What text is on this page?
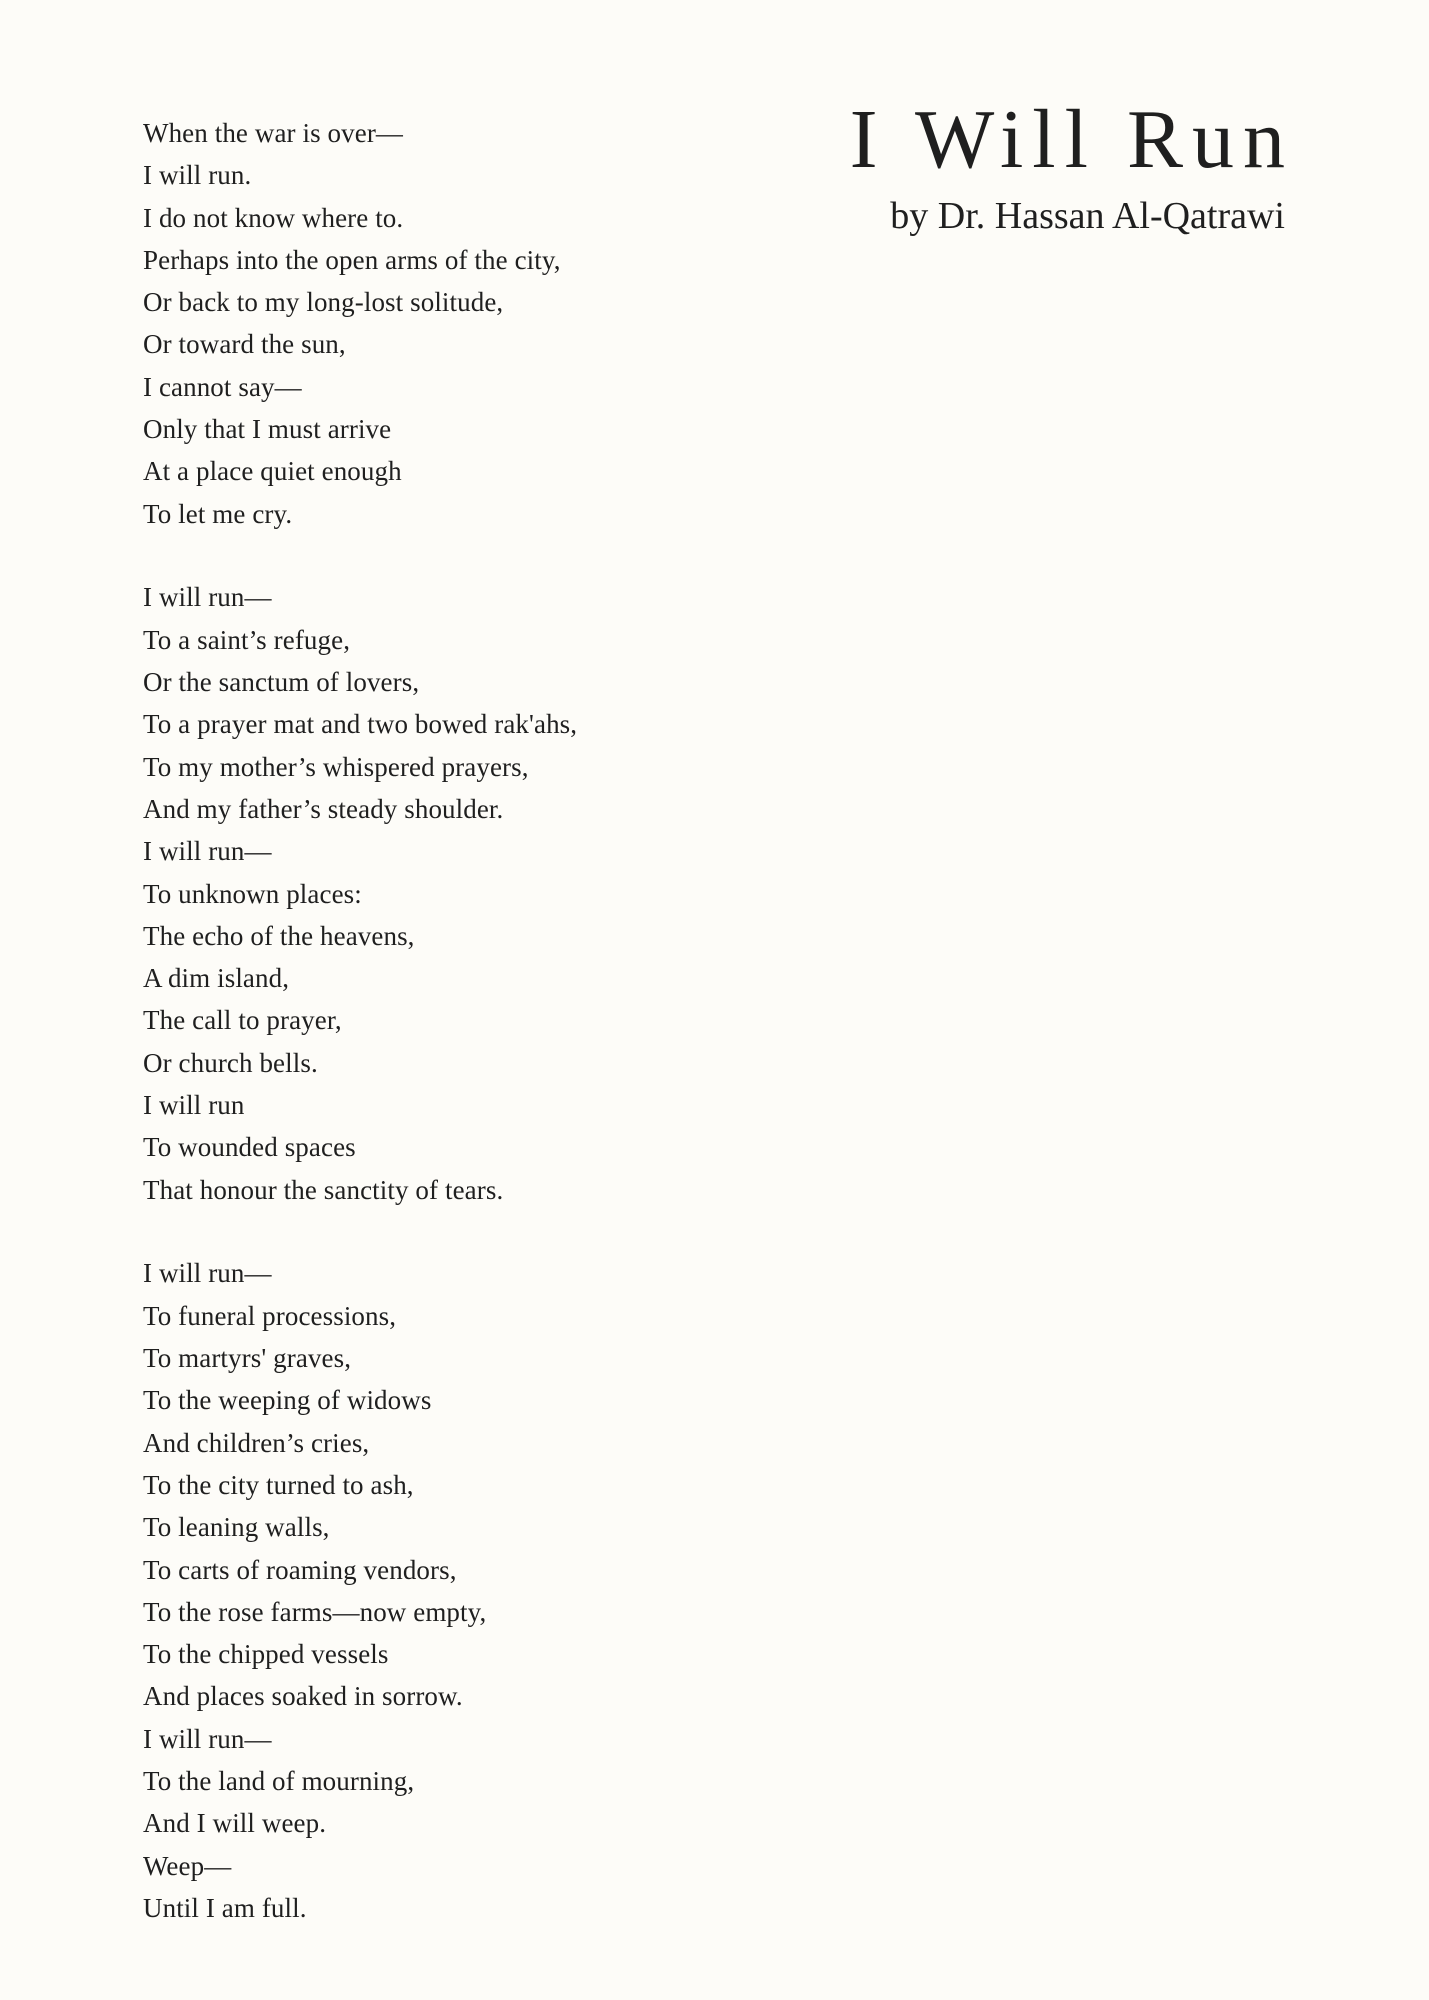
I Will Run
by Dr. Hassan Al-Qatrawi
When the war is over—
I will run.
I do not know where to.
Perhaps into the open arms of the city,
Or back to my long-lost solitude,
Or toward the sun,
I cannot say—
Only that I must arrive
At a place quiet enough
To let me cry.
I will run—
To a saint’s refuge,
Or the sanctum of lovers,
To a prayer mat and two bowed rak'ahs,
To my mother’s whispered prayers,
And my father’s steady shoulder.
I will run—
To unknown places:
The echo of the heavens,
A dim island,
The call to prayer,
Or church bells.
I will run
To wounded spaces
That honour the sanctity of tears.
I will run—
To funeral processions,
To martyrs' graves,
To the weeping of widows
And children’s cries,
To the city turned to ash,
To leaning walls,
To carts of roaming vendors,
To the rose farms—now empty,
To the chipped vessels
And places soaked in sorrow.
I will run—
To the land of mourning,
And I will weep.
Weep—
Until I am full.
